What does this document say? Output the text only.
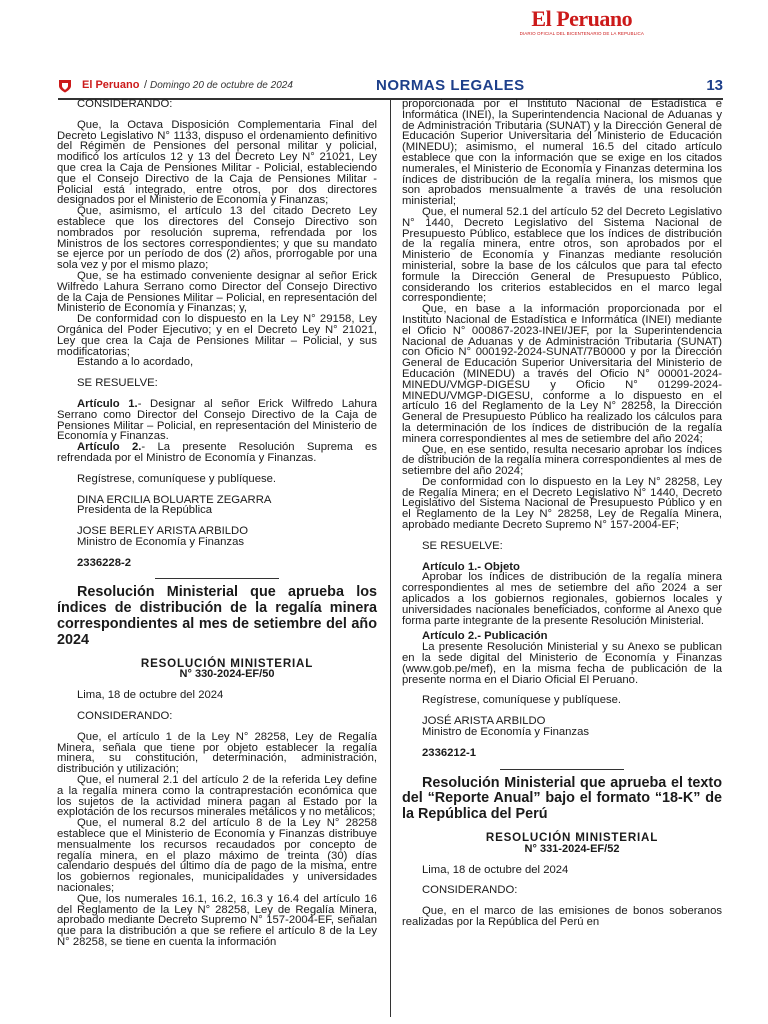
El Peruano
DIARIO OFICIAL DEL BICENTENARIO DE LA REPUBLICA
El Peruano / Domingo 20 de octubre de 2024	NORMAS LEGALES	13

CONSIDERANDO:

Que, la Octava Disposición Complementaria Final del Decreto Legislativo N° 1133, dispuso el ordenamiento definitivo del Régimen de Pensiones del personal militar y policial, modificó los artículos 12 y 13 del Decreto Ley N° 21021, Ley que crea la Caja de Pensiones Militar - Policial, estableciendo que el Consejo Directivo de la Caja de Pensiones Militar - Policial está integrado, entre otros, por dos directores designados por el Ministerio de Economía y Finanzas;

Que, asimismo, el artículo 13 del citado Decreto Ley establece que los directores del Consejo Directivo son nombrados por resolución suprema, refrendada por los Ministros de los sectores correspondientes; y que su mandato se ejerce por un período de dos (2) años, prorrogable por una sola vez y por el mismo plazo;

Que, se ha estimado conveniente designar al señor Erick Wilfredo Lahura Serrano como Director del Consejo Directivo de la Caja de Pensiones Militar – Policial, en representación del Ministerio de Economía y Finanzas; y,

De conformidad con lo dispuesto en la Ley N° 29158, Ley Orgánica del Poder Ejecutivo; y en el Decreto Ley N° 21021, Ley que crea la Caja de Pensiones Militar – Policial, y sus modificatorias;

Estando a lo acordado,

SE RESUELVE:

Artículo 1.- Designar al señor Erick Wilfredo Lahura Serrano como Director del Consejo Directivo de la Caja de Pensiones Militar – Policial, en representación del Ministerio de Economía y Finanzas.

Artículo 2.- La presente Resolución Suprema es refrendada por el Ministro de Economía y Finanzas.

Regístrese, comuníquese y publíquese.

DINA ERCILIA BOLUARTE ZEGARRA

Presidenta de la República

JOSE BERLEY ARISTA ARBILDO

Ministro de Economía y Finanzas

2336228-2

Resolución Ministerial que aprueba los índices de distribución de la regalía minera correspondientes al mes de setiembre del año 2024

RESOLUCIÓN MINISTERIAL

N° 330-2024-EF/50

Lima, 18 de octubre del 2024

CONSIDERANDO:

Que, el artículo 1 de la Ley N° 28258, Ley de Regalía Minera, señala que tiene por objeto establecer la regalía minera, su constitución, determinación, administración, distribución y utilización;

Que, el numeral 2.1 del artículo 2 de la referida Ley define a la regalía minera como la contraprestación económica que los sujetos de la actividad minera pagan al Estado por la explotación de los recursos minerales metálicos y no metálicos;

Que, el numeral 8.2 del artículo 8 de la Ley N° 28258 establece que el Ministerio de Economía y Finanzas distribuye mensualmente los recursos recaudados por concepto de regalía minera, en el plazo máximo de treinta (30) días calendario después del último día de pago de la misma, entre los gobiernos regionales, municipalidades y universidades nacionales;

Que, los numerales 16.1, 16.2, 16.3 y 16.4 del artículo 16 del Reglamento de la Ley N° 28258, Ley de Regalía Minera, aprobado mediante Decreto Supremo N° 157-2004-EF, señalan que para la distribución a que se refiere el artículo 8 de la Ley N° 28258, se tiene en cuenta la información

proporcionada por el Instituto Nacional de Estadística e Informática (INEI), la Superintendencia Nacional de Aduanas y de Administración Tributaria (SUNAT) y la Dirección General de Educación Superior Universitaria del Ministerio de Educación (MINEDU); asimismo, el numeral 16.5 del citado artículo establece que con la información que se exige en los citados numerales, el Ministerio de Economía y Finanzas determina los índices de distribución de la regalía minera, los mismos que son aprobados mensualmente a través de una resolución ministerial;

Que, el numeral 52.1 del artículo 52 del Decreto Legislativo N° 1440, Decreto Legislativo del Sistema Nacional de Presupuesto Público, establece que los índices de distribución de la regalía minera, entre otros, son aprobados por el Ministerio de Economía y Finanzas mediante resolución ministerial, sobre la base de los cálculos que para tal efecto formule la Dirección General de Presupuesto Público, considerando los criterios establecidos en el marco legal correspondiente;

Que, en base a la información proporcionada por el Instituto Nacional de Estadística e Informática (INEI) mediante el Oficio N° 000867-2023-INEI/JEF, por la Superintendencia Nacional de Aduanas y de Administración Tributaria (SUNAT) con Oficio N° 000192-2024-SUNAT/7B0000 y por la Dirección General de Educación Superior Universitaria del Ministerio de Educación (MINEDU) a través del Oficio N° 00001-2024-MINEDU/VMGP-DIGESU y Oficio N° 01299-2024-MINEDU/VMGP-DIGESU, conforme a lo dispuesto en el artículo 16 del Reglamento de la Ley N° 28258, la Dirección General de Presupuesto Público ha realizado los cálculos para la determinación de los índices de distribución de la regalía minera correspondientes al mes de setiembre del año 2024;

Que, en ese sentido, resulta necesario aprobar los índices de distribución de la regalía minera correspondientes al mes de setiembre del año 2024;

De conformidad con lo dispuesto en la Ley N° 28258, Ley de Regalía Minera; en el Decreto Legislativo N° 1440, Decreto Legislativo del Sistema Nacional de Presupuesto Público y en el Reglamento de la Ley N° 28258, Ley de Regalía Minera, aprobado mediante Decreto Supremo N° 157-2004-EF;

SE RESUELVE:

Artículo 1.- Objeto

Aprobar los índices de distribución de la regalía minera correspondientes al mes de setiembre del año 2024 a ser aplicados a los gobiernos regionales, gobiernos locales y universidades nacionales beneficiados, conforme al Anexo que forma parte integrante de la presente Resolución Ministerial.

Artículo 2.- Publicación

La presente Resolución Ministerial y su Anexo se publican en la sede digital del Ministerio de Economía y Finanzas (www.gob.pe/mef), en la misma fecha de publicación de la presente norma en el Diario Oficial El Peruano.

Regístrese, comuníquese y publíquese.

JOSÉ ARISTA ARBILDO

Ministro de Economía y Finanzas

2336212-1

Resolución Ministerial que aprueba el texto del “Reporte Anual” bajo el formato “18-K” de la República del Perú

RESOLUCIÓN MINISTERIAL

N° 331-2024-EF/52

Lima, 18 de octubre del 2024

CONSIDERANDO:

Que, en el marco de las emisiones de bonos soberanos realizadas por la República del Perú en
